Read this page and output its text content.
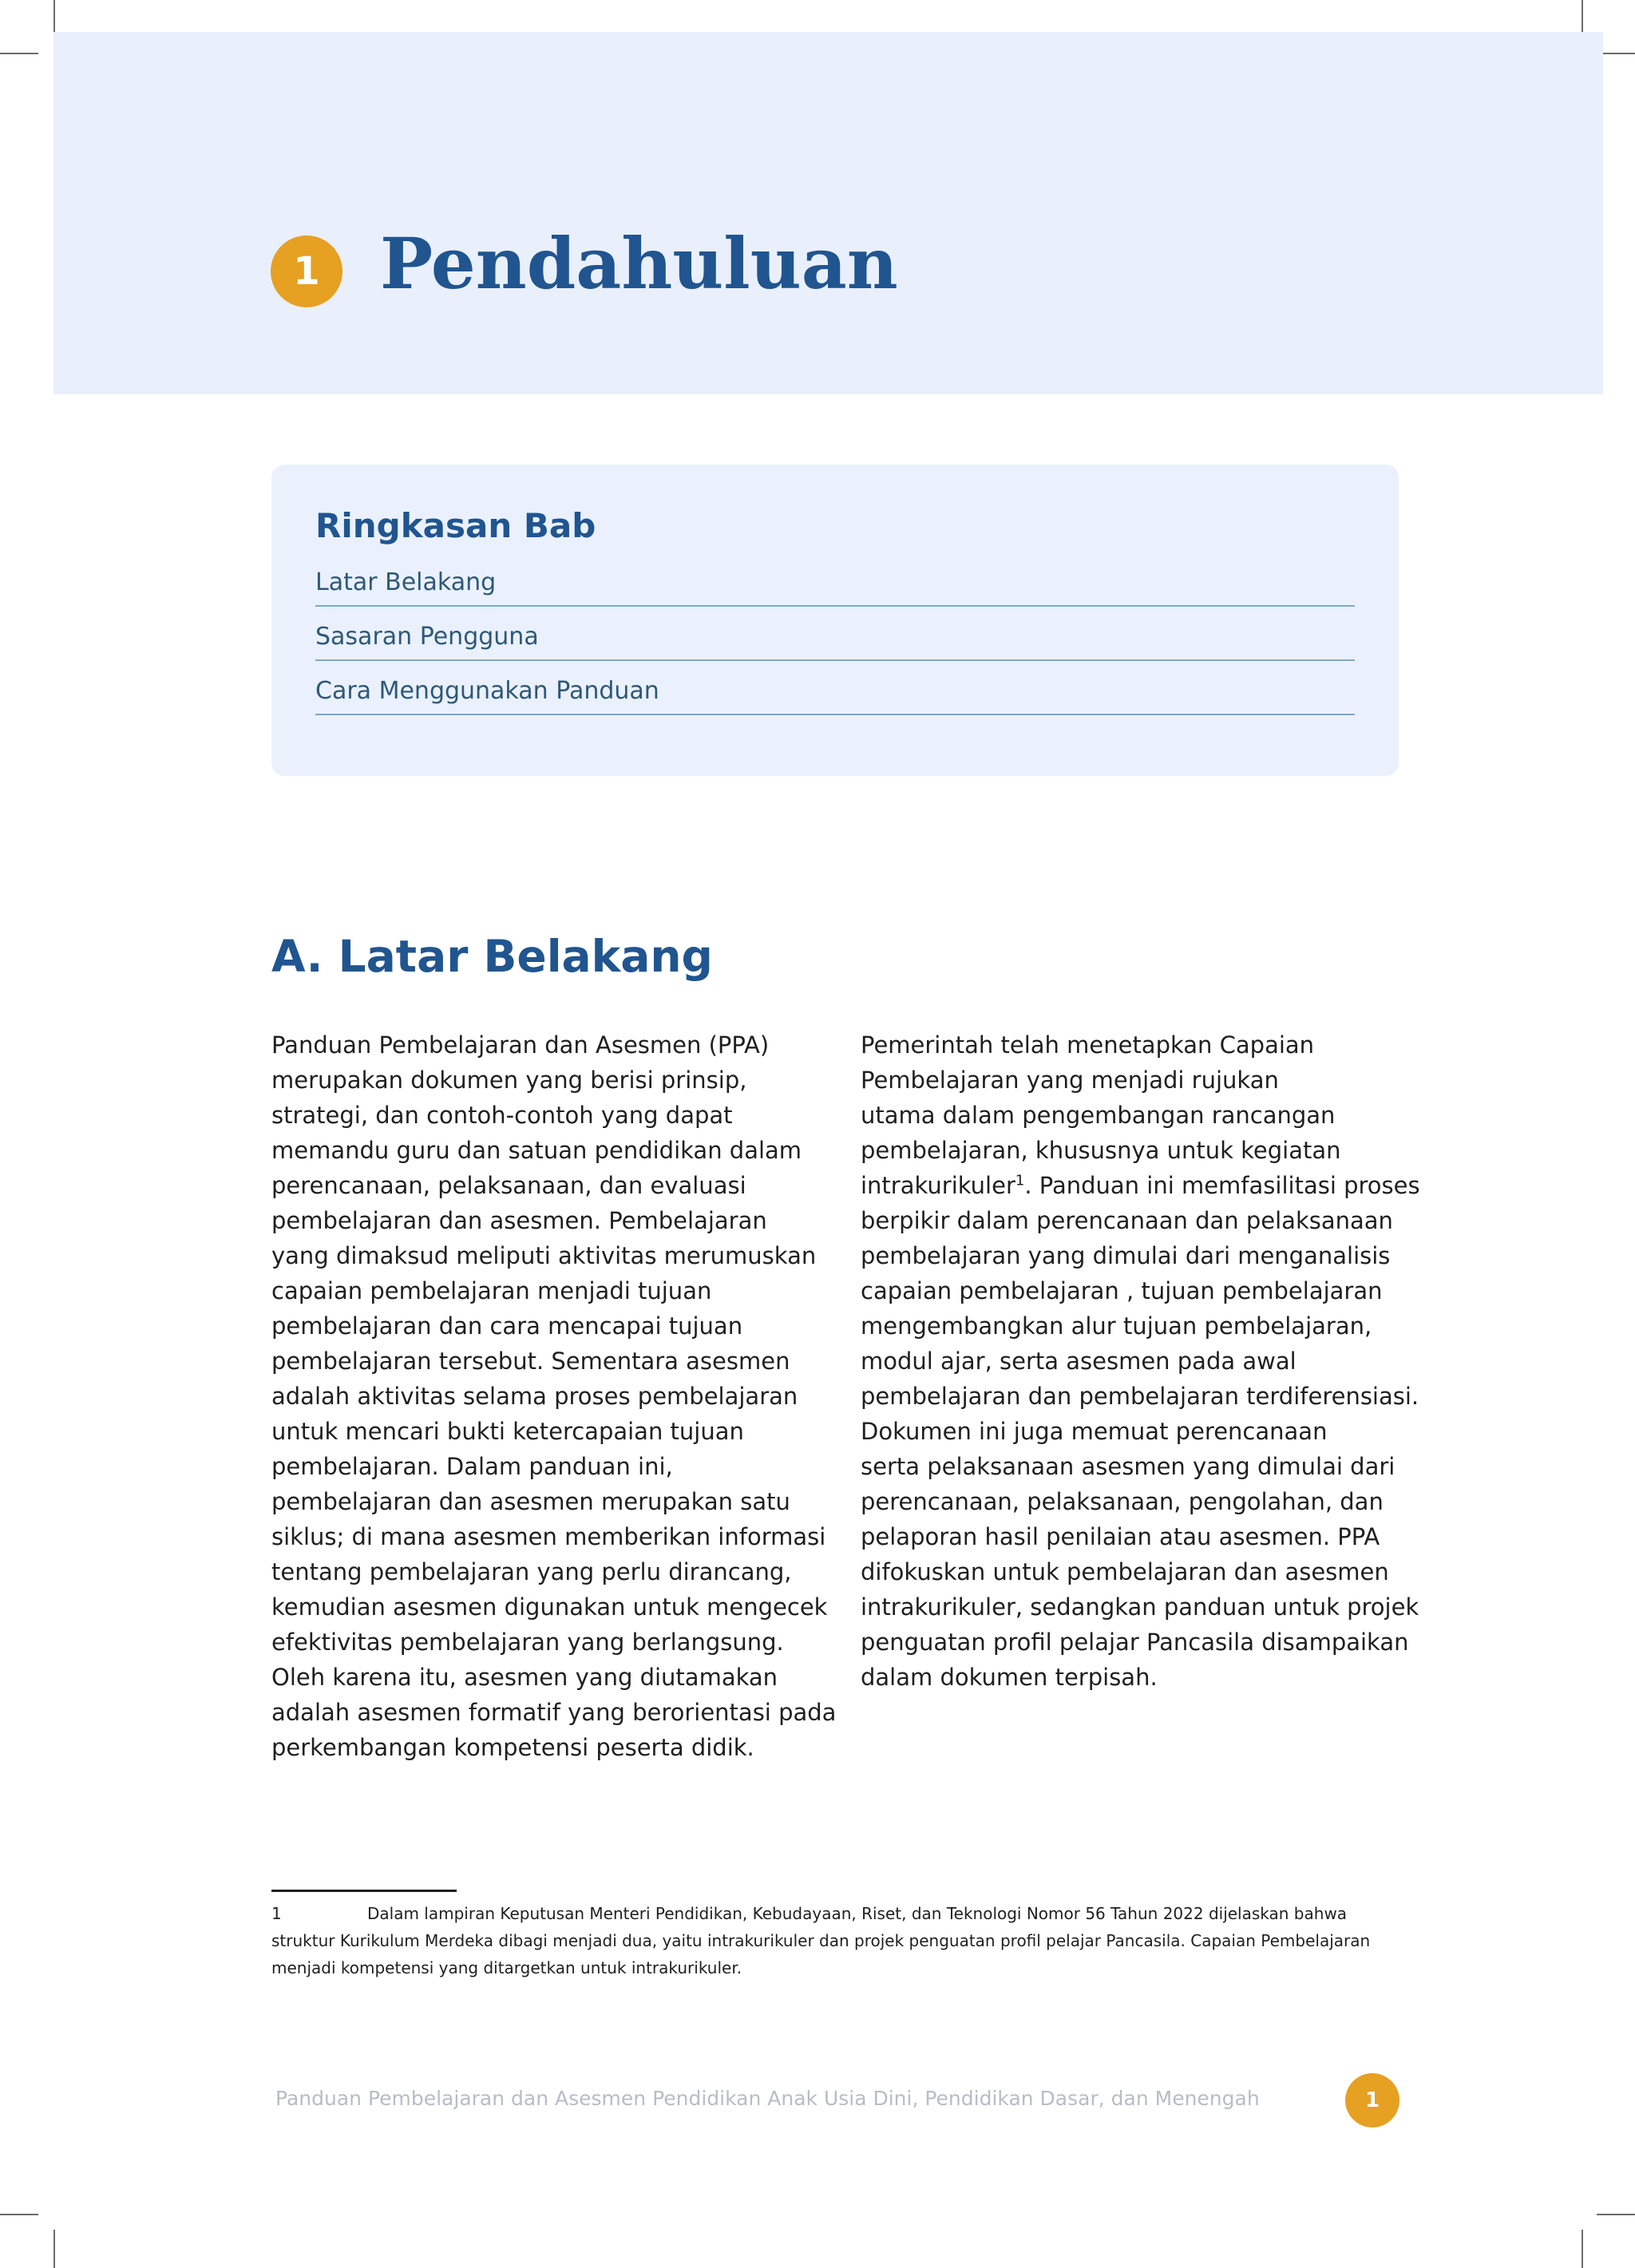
1 Pendahuluan
Ringkasan Bab
Latar Belakang
Sasaran Pengguna
Cara Menggunakan Panduan
A. Latar Belakang
Panduan Pembelajaran dan Asesmen (PPA)
merupakan dokumen yang berisi prinsip,
strategi, dan contoh-contoh yang dapat
memandu guru dan satuan pendidikan dalam
perencanaan, pelaksanaan, dan evaluasi
pembelajaran dan asesmen. Pembelajaran
yang dimaksud meliputi aktivitas merumuskan
capaian pembelajaran menjadi tujuan
pembelajaran dan cara mencapai tujuan
pembelajaran tersebut. Sementara asesmen
adalah aktivitas selama proses pembelajaran
untuk mencari bukti ketercapaian tujuan
pembelajaran. Dalam panduan ini,
pembelajaran dan asesmen merupakan satu
siklus; di mana asesmen memberikan informasi
tentang pembelajaran yang perlu dirancang,
kemudian asesmen digunakan untuk mengecek
efektivitas pembelajaran yang berlangsung.
Oleh karena itu, asesmen yang diutamakan
adalah asesmen formatif yang berorientasi pada
perkembangan kompetensi peserta didik.
Pemerintah telah menetapkan Capaian
Pembelajaran yang menjadi rujukan
utama dalam pengembangan rancangan
pembelajaran, khususnya untuk kegiatan
intrakurikuler$^1$. Panduan ini memfasilitasi proses
berpikir dalam perencanaan dan pelaksanaan
pembelajaran yang dimulai dari menganalisis
capaian pembelajaran , tujuan pembelajaran
mengembangkan alur tujuan pembelajaran,
modul ajar, serta asesmen pada awal
pembelajaran dan pembelajaran terdiferensiasi.
Dokumen ini juga memuat perencanaan
serta pelaksanaan asesmen yang dimulai dari
perencanaan, pelaksanaan, pengolahan, dan
pelaporan hasil penilaian atau asesmen. PPA
difokuskan untuk pembelajaran dan asesmen
intrakurikuler, sedangkan panduan untuk projek
penguatan profil pelajar Pancasila disampaikan
dalam dokumen terpisah.
1	Dalam lampiran Keputusan Menteri Pendidikan, Kebudayaan, Riset, dan Teknologi Nomor 56 Tahun 2022 dijelaskan bahwa
struktur Kurikulum Merdeka dibagi menjadi dua, yaitu intrakurikuler dan projek penguatan profil pelajar Pancasila. Capaian Pembelajaran
menjadi kompetensi yang ditargetkan untuk intrakurikuler.
Panduan Pembelajaran dan Asesmen Pendidikan Anak Usia Dini, Pendidikan Dasar, dan Menengah	1
